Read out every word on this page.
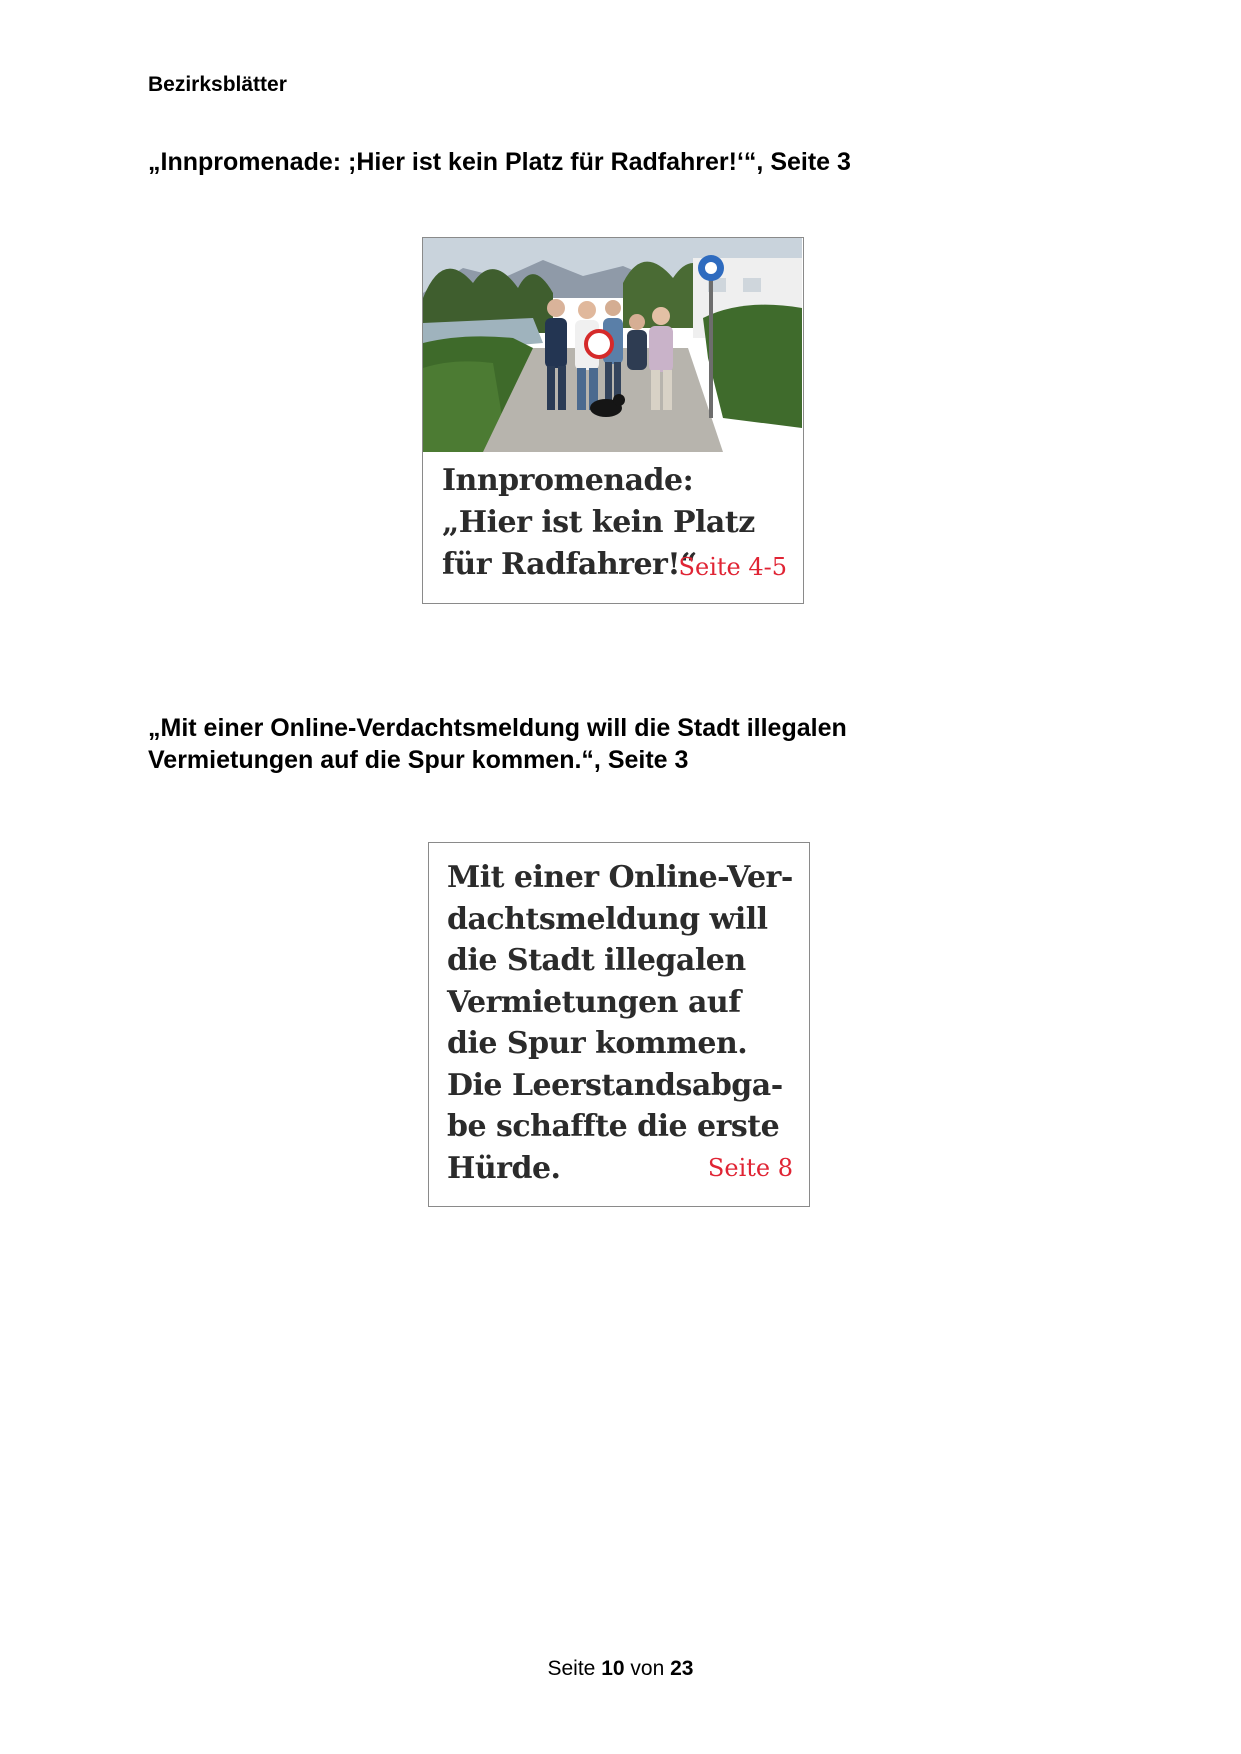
Bezirksblätter
„Innpromenade: ;Hier ist kein Platz für Radfahrer!‘“, Seite 3
Innpromenade: „Hier ist kein Platz für Radfahrer!“
Seite 4-5
„Mit einer Online-Verdachtsmeldung will die Stadt illegalen Vermietungen auf die Spur kommen.“, Seite 3
Mit einer Online-Verdachtsmeldung will die Stadt illegalen Vermietungen auf die Spur kommen. Die Leerstandsabgabe schaffte die erste Hürde.	Seite 8
Seite 10 von 23
